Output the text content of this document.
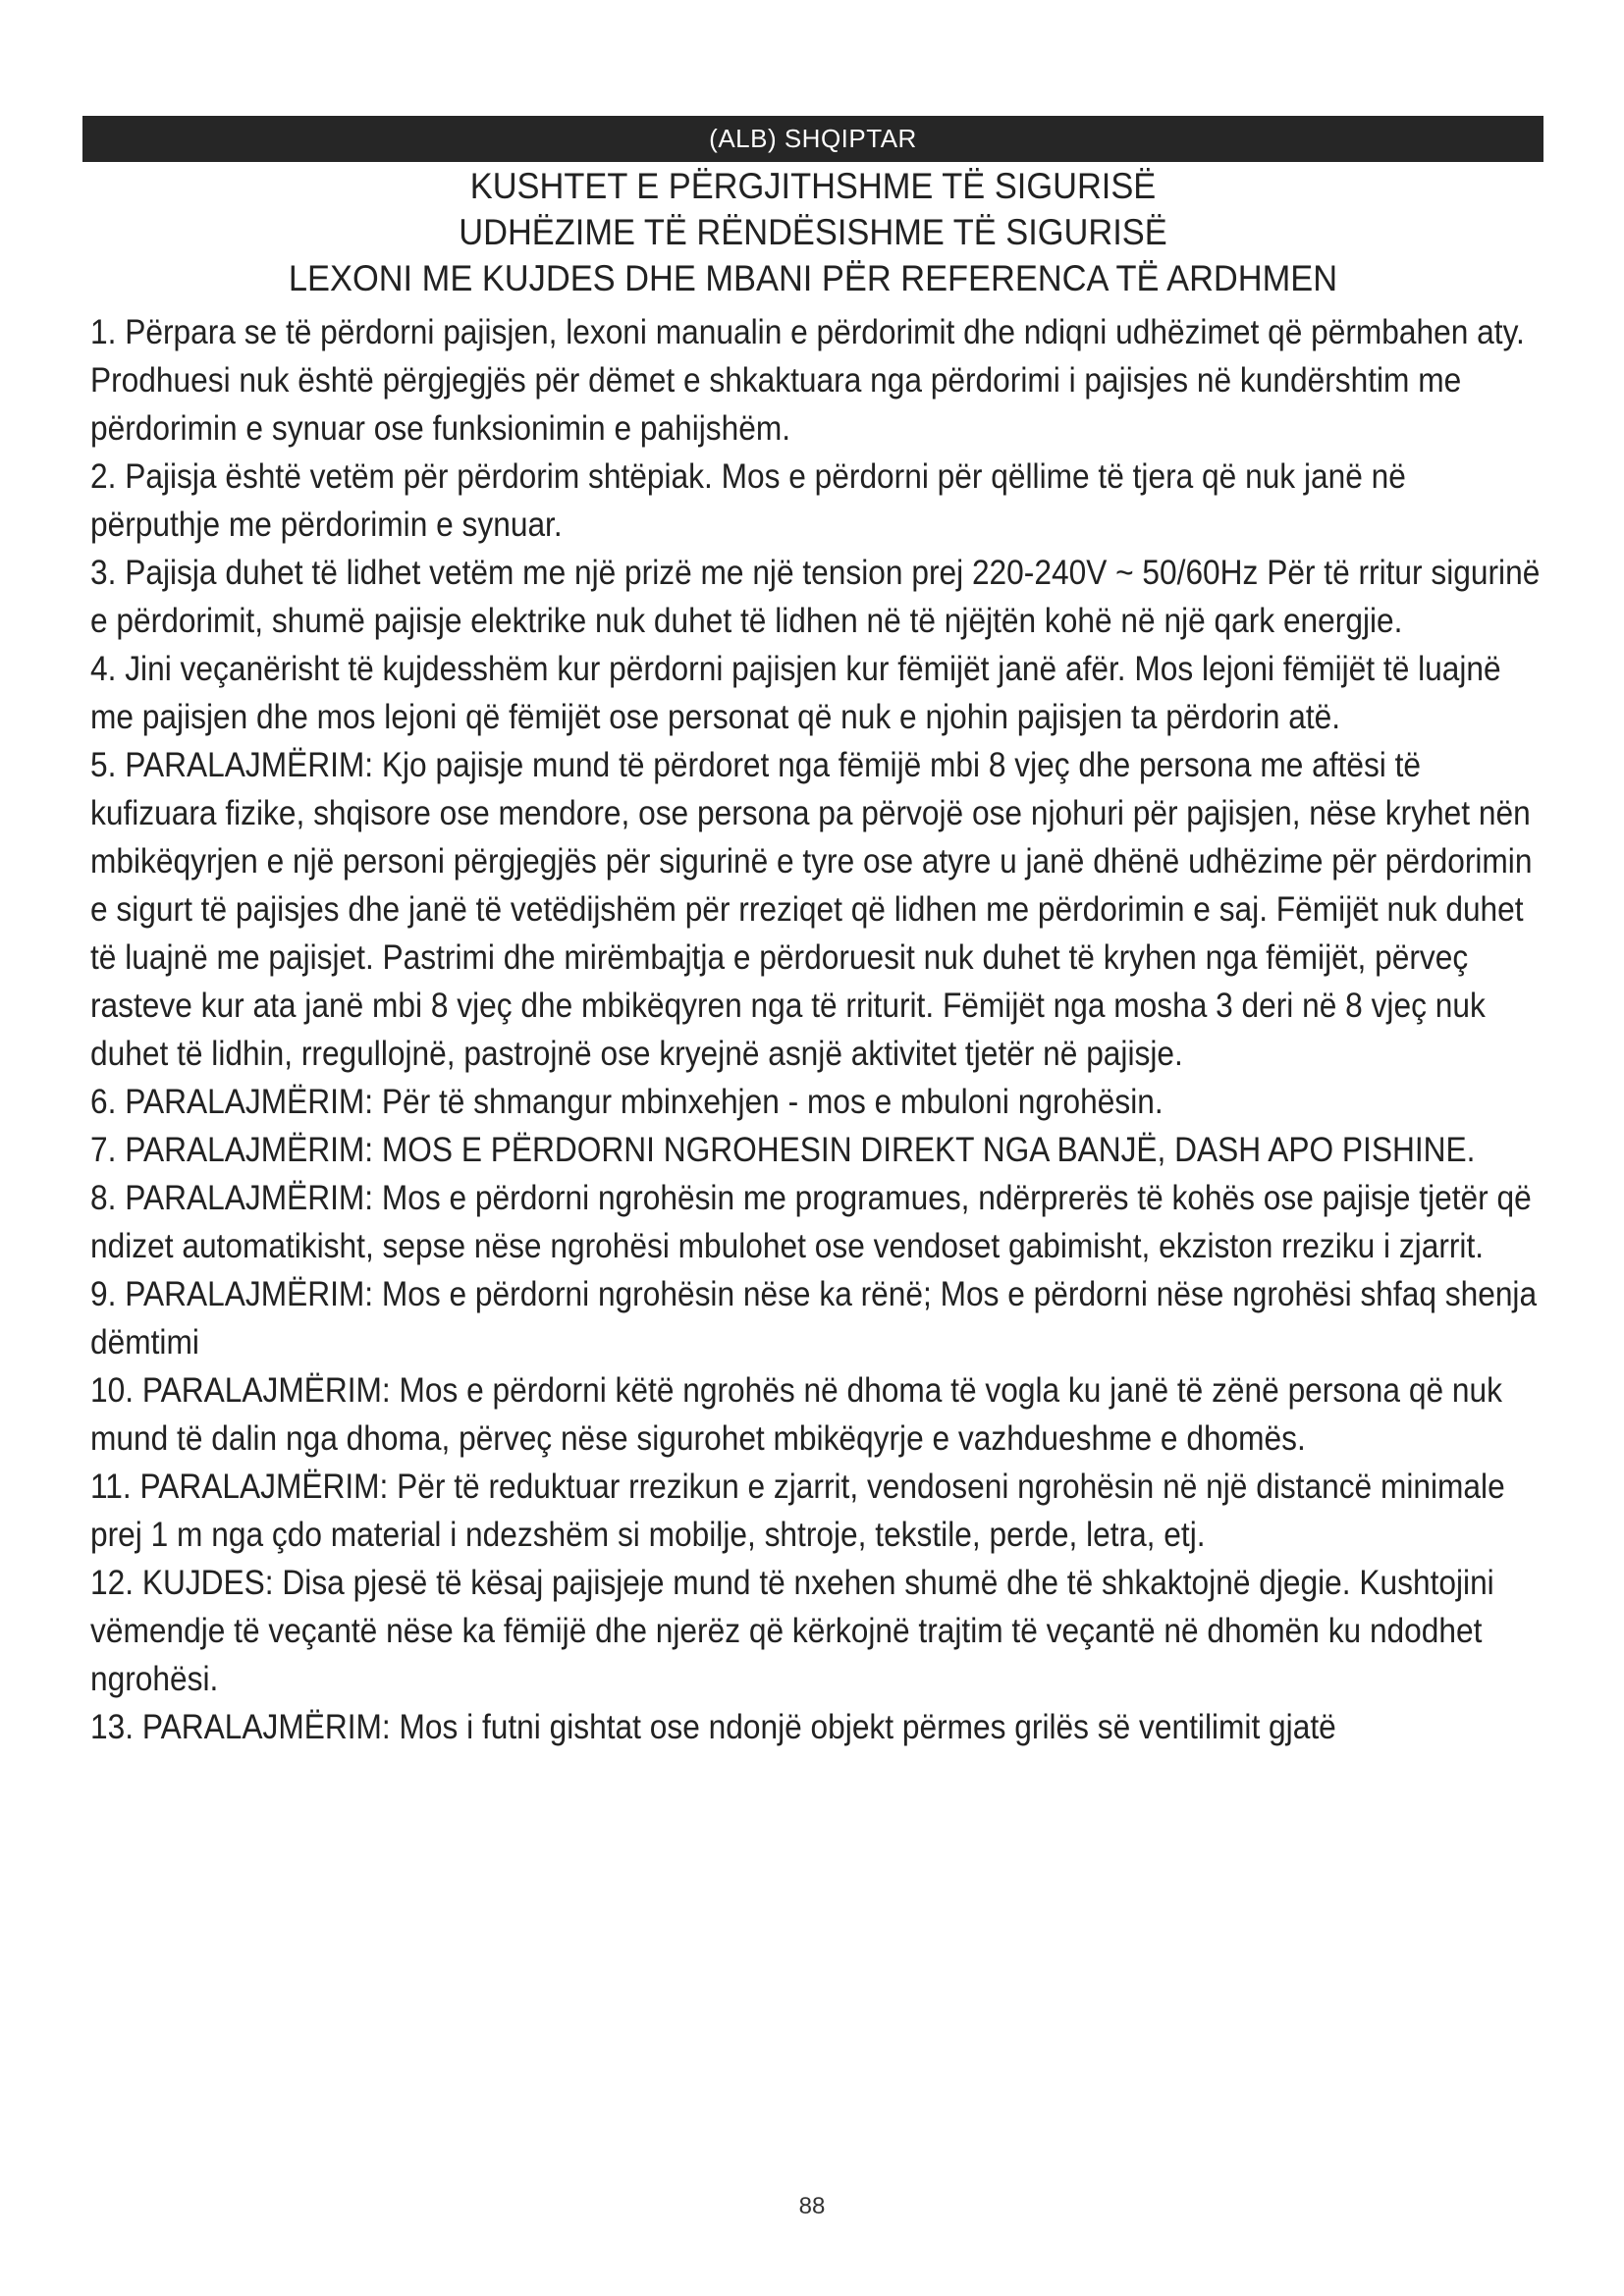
(ALB) SHQIPTAR
KUSHTET E PËRGJITHSHME TË SIGURISË
UDHËZIME TË RËNDËSISHME TË SIGURISË
LEXONI ME KUJDES DHE MBANI PËR REFERENCA TË ARDHMEN

1. Përpara se të përdorni pajisjen, lexoni manualin e përdorimit dhe ndiqni udhëzimet që përmbahen aty. Prodhuesi nuk është përgjegjës për dëmet e shkaktuara nga përdorimi i pajisjes në kundërshtim me përdorimin e synuar ose funksionimin e pahijshëm.

2. Pajisja është vetëm për përdorim shtëpiak. Mos e përdorni për qëllime të tjera që nuk janë në përputhje me përdorimin e synuar.

3. Pajisja duhet të lidhet vetëm me një prizë me një tension prej 220-240V ~ 50/60Hz Për të rritur sigurinë e përdorimit, shumë pajisje elektrike nuk duhet të lidhen në të njëjtën kohë në një qark energjie.

4. Jini veçanërisht të kujdesshëm kur përdorni pajisjen kur fëmijët janë afër. Mos lejoni fëmijët të luajnë me pajisjen dhe mos lejoni që fëmijët ose personat që nuk e njohin pajisjen ta përdorin atë.

5. PARALAJMËRIM: Kjo pajisje mund të përdoret nga fëmijë mbi 8 vjeç dhe persona me aftësi të kufizuara fizike, shqisore ose mendore, ose persona pa përvojë ose njohuri për pajisjen, nëse kryhet nën mbikëqyrjen e një personi përgjegjës për sigurinë e tyre ose atyre u janë dhënë udhëzime për përdorimin e sigurt të pajisjes dhe janë të vetëdijshëm për rreziqet që lidhen me përdorimin e saj. Fëmijët nuk duhet të luajnë me pajisjet. Pastrimi dhe mirëmbajtja e përdoruesit nuk duhet të kryhen nga fëmijët, përveç rasteve kur ata janë mbi 8 vjeç dhe mbikëqyren nga të rriturit. Fëmijët nga mosha 3 deri në 8 vjeç nuk duhet të lidhin, rregullojnë, pastrojnë ose kryejnë asnjë aktivitet tjetër në pajisje.

6. PARALAJMËRIM: Për të shmangur mbinxehjen - mos e mbuloni ngrohësin.

7. PARALAJMËRIM: MOS E PËRDORNI NGROHESIN DIREKT NGA BANJË, DASH APO PISHINE.

8. PARALAJMËRIM: Mos e përdorni ngrohësin me programues, ndërprerës të kohës ose pajisje tjetër që ndizet automatikisht, sepse nëse ngrohësi mbulohet ose vendoset gabimisht, ekziston rreziku i zjarrit.

9. PARALAJMËRIM: Mos e përdorni ngrohësin nëse ka rënë; Mos e përdorni nëse ngrohësi shfaq shenja dëmtimi

10. PARALAJMËRIM: Mos e përdorni këtë ngrohës në dhoma të vogla ku janë të zënë persona që nuk mund të dalin nga dhoma, përveç nëse sigurohet mbikëqyrje e vazhdueshme e dhomës.

11. PARALAJMËRIM: Për të reduktuar rrezikun e zjarrit, vendoseni ngrohësin në një distancë minimale prej 1 m nga çdo material i ndezshëm si mobilje, shtroje, tekstile, perde, letra, etj.

12. KUJDES: Disa pjesë të kësaj pajisjeje mund të nxehen shumë dhe të shkaktojnë djegie. Kushtojini vëmendje të veçantë nëse ka fëmijë dhe njerëz që kërkojnë trajtim të veçantë në dhomën ku ndodhet ngrohësi.

13. PARALAJMËRIM: Mos i futni gishtat ose ndonjë objekt përmes grilës së ventilimit gjatë

88
